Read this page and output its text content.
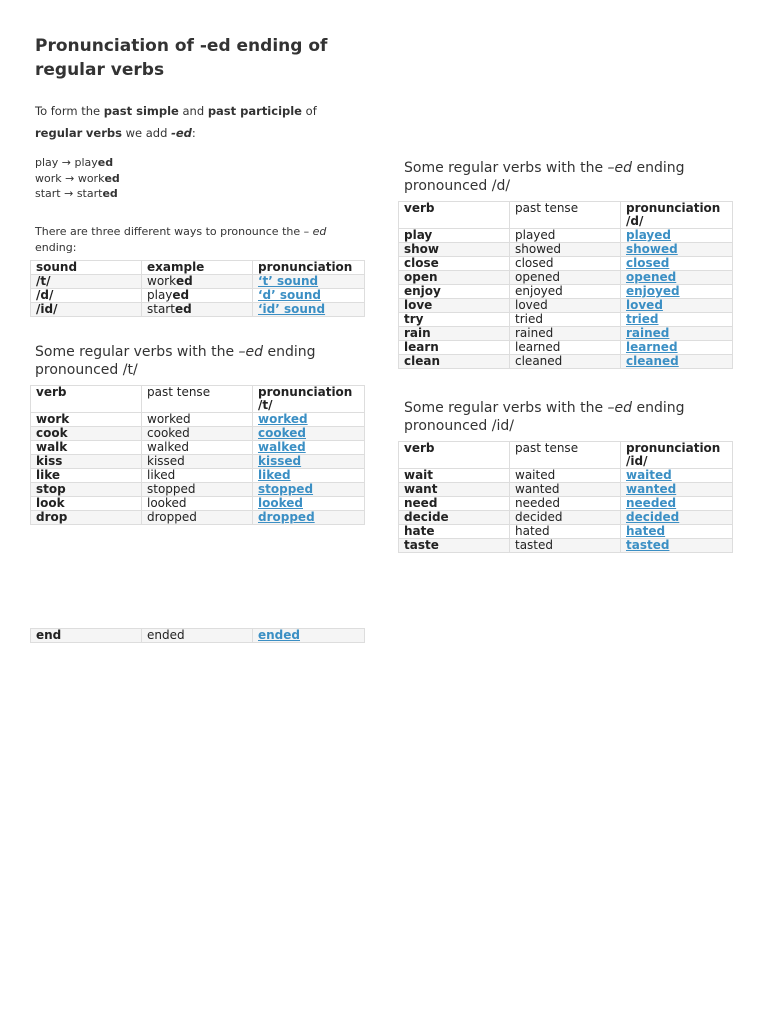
Pronunciation of -ed ending of regular verbs
To form the past simple and past participle of regular verbs we add -ed:
play → played
work → worked
start → started
There are three different ways to pronounce the – ed ending:
sound	example	pronunciation
/t/	worked	‘t’ sound
/d/	played	‘d’ sound
/id/	started	‘id’ sound
Some regular verbs with the –ed ending pronounced /t/
verb	past tense	pronunciation /t/
work	worked	worked
cook	cooked	cooked
walk	walked	walked
kiss	kissed	kissed
like	liked	liked
stop	stopped	stopped
look	looked	looked
drop	dropped	dropped
end	ended	ended
Some regular verbs with the –ed ending pronounced /d/
verb	past tense	pronunciation /d/
play	played	played
show	showed	showed
close	closed	closed
open	opened	opened
enjoy	enjoyed	enjoyed
love	loved	loved
try	tried	tried
rain	rained	rained
learn	learned	learned
clean	cleaned	cleaned
Some regular verbs with the –ed ending pronounced /id/
verb	past tense	pronunciation /id/
wait	waited	waited
want	wanted	wanted
need	needed	needed
decide	decided	decided
hate	hated	hated
taste	tasted	tasted
